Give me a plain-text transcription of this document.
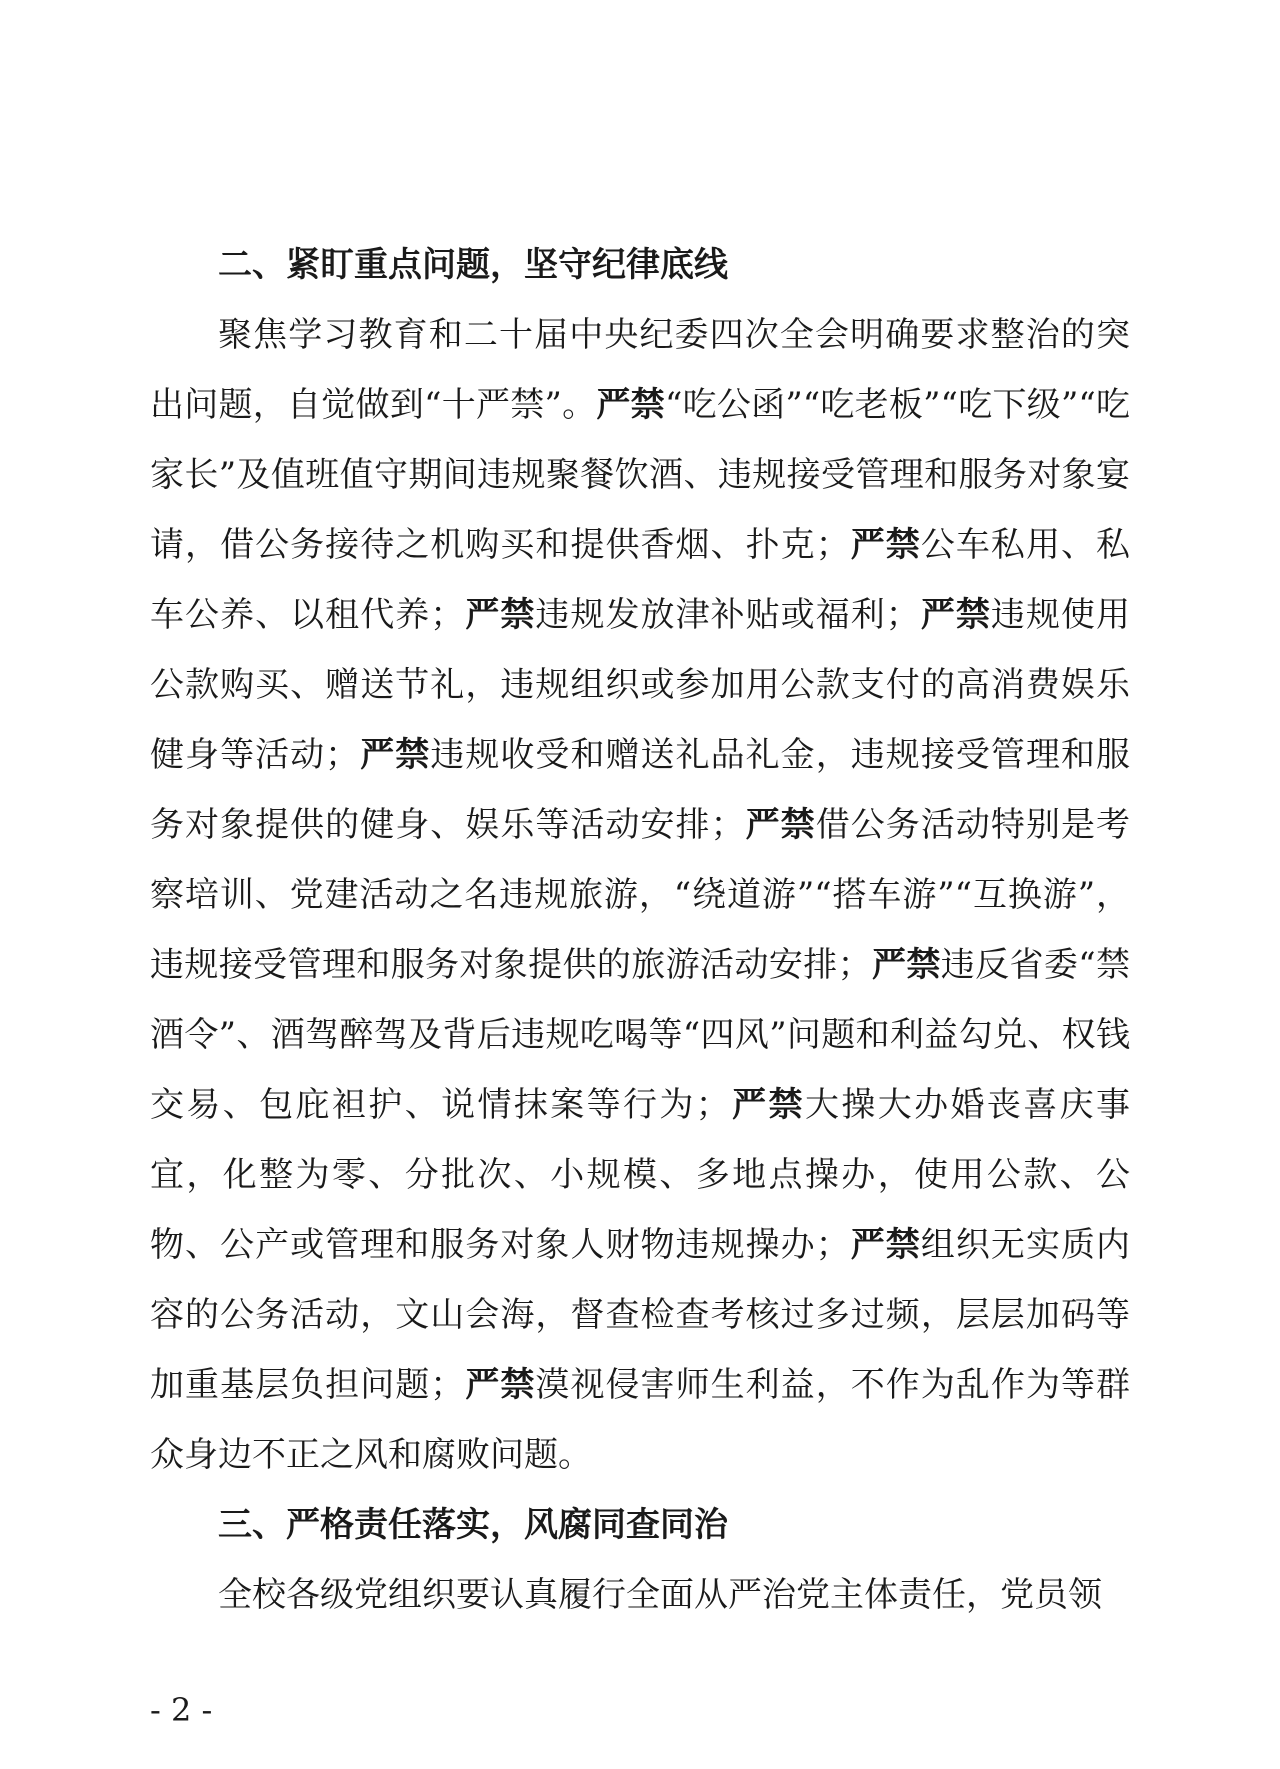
二、紧盯重点问题，坚守纪律底线

聚焦学习教育和二十届中央纪委四次全会明确要求整治的突出问题，自觉做到“十严禁”。严禁“吃公函”“吃老板”“吃下级”“吃家长”及值班值守期间违规聚餐饮酒、违规接受管理和服务对象宴请，借公务接待之机购买和提供香烟、扑克；严禁公车私用、私车公养、以租代养；严禁违规发放津补贴或福利；严禁违规使用公款购买、赠送节礼，违规组织或参加用公款支付的高消费娱乐健身等活动；严禁违规收受和赠送礼品礼金，违规接受管理和服务对象提供的健身、娱乐等活动安排；严禁借公务活动特别是考察培训、党建活动之名违规旅游，“绕道游”“搭车游”“互换游”，违规接受管理和服务对象提供的旅游活动安排；严禁违反省委“禁酒令”、酒驾醉驾及背后违规吃喝等“四风”问题和利益勾兑、权钱交易、包庇袒护、说情抹案等行为；严禁大操大办婚丧喜庆事宜，化整为零、分批次、小规模、多地点操办，使用公款、公物、公产或管理和服务对象人财物违规操办；严禁组织无实质内容的公务活动，文山会海，督查检查考核过多过频，层层加码等加重基层负担问题；严禁漠视侵害师生利益，不作为乱作为等群众身边不正之风和腐败问题。

三、严格责任落实，风腐同查同治

全校各级党组织要认真履行全面从严治党主体责任，党员领

- 2 -
